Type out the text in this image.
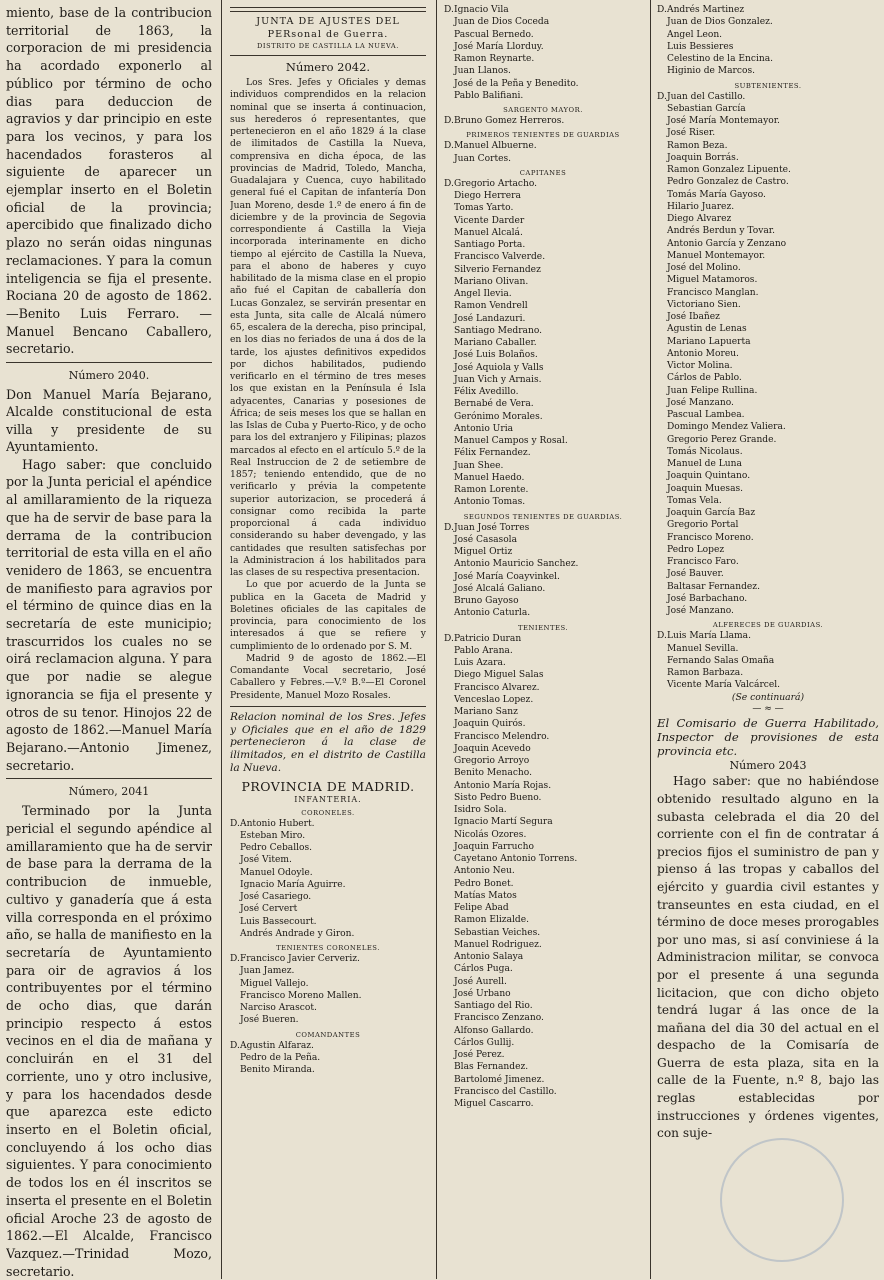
miento, base de la contribucion territorial de 1863, la corporacion de mi presidencia ha acordado exponerlo al público por término de ocho dias para deduccion de agravios y dar principio en este para los vecinos, y para los hacendados forasteros al siguiente de aparecer un ejemplar inserto en el Boletin oficial de la provincia; apercibido que finalizado dicho plazo no serán oidas ningunas reclamaciones. Y para la comun inteligencia se fija el presente. Rociana 20 de agosto de 1862.—Benito Luis Ferraro. —Manuel Bencano Caballero, secretario.

Número 2040.

Don Manuel María Bejarano, Alcalde constitucional de esta villa y presidente de su Ayuntamiento.

Hago saber: que concluido por la Junta pericial el apéndice al amillaramiento de la riqueza que ha de servir de base para la derrama de la contribucion territorial de esta villa en el año venidero de 1863, se encuentra de manifiesto para agravios por el término de quince dias en la secretaría de este municipio; trascurridos los cuales no se oirá reclamacion alguna. Y para que por nadie se alegue ignorancia se fija el presente y otros de su tenor. Hinojos 22 de agosto de 1862.—Manuel María Bejarano.—Antonio Jimenez, secretario.

Número, 2041

Terminado por la Junta pericial el segundo apéndice al amillaramiento que ha de servir de base para la derrama de la contribucion de inmueble, cultivo y ganadería que á esta villa corresponda en el próximo año, se halla de manifiesto en la secretaría de Ayuntamiento para oir de agravios á los contribuyentes por el término de ocho dias, que darán principio respecto á estos vecinos en el dia de mañana y concluirán en el 31 del corriente, uno y otro inclusive, y para los hacendados desde que aparezca este edicto inserto en el Boletin oficial, concluyendo á los ocho dias siguientes. Y para conocimiento de todos los en él inscritos se inserta el presente en el Boletin oficial Aroche 23 de agosto de 1862.—El Alcalde, Francisco Vazquez.—Trinidad Mozo, secretario.

JUNTA DE AJUSTES DEL PERsonal de Guerra.
DISTRITO DE CASTILLA LA NUEVA.
Número 2042.

Los Sres. Jefes y Oficiales y demas individuos comprendidos en la relacion nominal que se inserta á continuacion, sus herederos ó representantes, que pertenecieron en el año 1829 á la clase de ilimitados de Castilla la Nueva, comprensiva en dicha época, de las provincias de Madrid, Toledo, Mancha, Guadalajara y Cuenca, cuyo habilitado general fué el Capitan de infantería Don Juan Moreno, desde 1.º de enero á fin de diciembre y de la provincia de Segovia correspondiente á Castilla la Vieja incorporada interinamente en dicho tiempo al ejército de Castilla la Nueva, para el abono de haberes y cuyo habilitado de la misma clase en el propio año fué el Capitan de caballería don Lucas Gonzalez, se servirán presentar en esta Junta, sita calle de Alcalá número 65, escalera de la derecha, piso principal, en los dias no feriados de una á dos de la tarde, los ajustes definitivos expedidos por dichos habilitados, pudiendo verificarlo en el término de tres meses los que existan en la Península é Isla adyacentes, Canarias y posesiones de África; de seis meses los que se hallan en las Islas de Cuba y Puerto-Rico, y de ocho para los del extranjero y Filipinas; plazos marcados al efecto en el artículo 5.º de la Real Instruccion de 2 de setiembre de 1857; teniendo entendido, que de no verificarlo y prévia la competente superior autorizacion, se procederá á consignar como recibida la parte proporcional á cada individuo considerando su haber devengado, y las cantidades que resulten satisfechas por la Administracion á los habilitados para las clases de su respectiva presentacion.

Lo que por acuerdo de la Junta se publica en la Gaceta de Madrid y Boletines oficiales de las capitales de provincia, para conocimiento de los interesados á que se refiere y cumplimiento de lo ordenado por S. M.

Madrid 9 de agosto de 1862.—El Comandante Vocal secretario, José Caballero y Febres.—V.º B.º—El Coronel Presidente, Manuel Mozo Rosales.

Relacion nominal de los Sres. Jefes y Oficiales que en el año de 1829 pertenecieron á la clase de ilimitados, en el distrito de Castilla la Nueva.

PROVINCIA DE MADRID.
INFANTERIA.
CORONELES.
D.Antonio Hubert.
Esteban Miro.
Pedro Ceballos.
José Vitem.
Manuel Odoyle.
Ignacio María Aguirre.
José Casariego.
José Cervert
Luis Bassecourt.
Andrés Andrade y Giron.
TENIENTES CORONELES.
D.Francisco Javier Cerveriz.
Juan Jamez.
Miguel Vallejo.
Francisco Moreno Mallen.
Narciso Arascot.
José Bueren.
COMANDANTES
D.Agustin Alfaraz.
Pedro de la Peña.
Benito Miranda.
D.Ignacio Vila
Juan de Dios Coceda
Pascual Bernedo.
José María Llorduy.
Ramon Reynarte.
Juan Llanos.
José de la Peña y Benedito.
Pablo Balifiani.
SARGENTO MAYOR.
D.Bruno Gomez Herreros.
PRIMEROS TENIENTES DE GUARDIAS
D.Manuel Albuerne.
Juan Cortes.
CAPITANES
D.Gregorio Artacho.
Diego Herrera
Tomas Yarto.
Vicente Darder
Manuel Alcalá.
Santiago Porta.
Francisco Valverde.
Silverio Fernandez
Mariano Olivan.
Angel Ilevia.
Ramon Vendrell
José Landazuri.
Santiago Medrano.
Mariano Caballer.
José Luis Bolaños.
José Aquiola y Valls
Juan Vich y Arnais.
Félix Avedillo.
Bernabé de Vera.
Gerónimo Morales.
Antonio Uria
Manuel Campos y Rosal.
Félix Fernandez.
Juan Shee.
Manuel Haedo.
Ramon Lorente.
Antonio Tomas.
SEGUNDOS TENIENTES DE GUARDIAS.
D.Juan José Torres
José Casasola
Miguel Ortiz
Antonio Mauricio Sanchez.
José María Coayvinkel.
José Alcalá Galiano.
Bruno Gayoso
Antonio Caturla.
TENIENTES.
D.Patricio Duran
Pablo Arana.
Luis Azara.
Diego Miguel Salas
Francisco Alvarez.
Venceslao Lopez.
Mariano Sanz
Joaquin Quirós.
Francisco Melendro.
Joaquin Acevedo
Gregorio Arroyo
Benito Menacho.
Antonio María Rojas.
Sisto Pedro Bueno.
Isidro Sola.
Ignacio Martí Segura
Nicolás Ozores.
Joaquin Farrucho
Cayetano Antonio Torrens.
Antonio Neu.
Pedro Bonet.
Matías Matos
Felipe Abad
Ramon Elizalde.
Sebastian Veiches.
Manuel Rodriguez.
Antonio Salaya
Cárlos Puga.
José Aurell.
José Urbano
Santiago del Rio.
Francisco Zenzano.
Alfonso Gallardo.
Cárlos Gullij.
José Perez.
Blas Fernandez.
Bartolomé Jimenez.
Francisco del Castillo.
Miguel Cascarro.
D.Andrés Martinez
Juan de Dios Gonzalez.
Angel Leon.
Luis Bessieres
Celestino de la Encina.
Higinio de Marcos.
SUBTENIENTES.
D.Juan del Castillo.
Sebastian García
José María Montemayor.
José Riser.
Ramon Beza.
Joaquin Borrás.
Ramon Gonzalez Lipuente.
Pedro Gonzalez de Castro.
Tomás María Gayoso.
Hilario Juarez.
Diego Alvarez
Andrés Berdun y Tovar.
Antonio García y Zenzano
Manuel Montemayor.
José del Molino.
Miguel Matamoros.
Francisco Manglan.
Victoriano Sien.
José Ibañez
Agustin de Lenas
Mariano Lapuerta
Antonio Moreu.
Victor Molina.
Cárlos de Pablo.
Juan Felipe Rullina.
José Manzano.
Pascual Lambea.
Domingo Mendez Valiera.
Gregorio Perez Grande.
Tomás Nicolaus.
Manuel de Luna
Joaquin Quintano.
Joaquin Muesas.
Tomas Vela.
Joaquin García Baz
Gregorio Portal
Francisco Moreno.
Pedro Lopez
Francisco Faro.
José Bauver.
Baltasar Fernandez.
José Barbachano.
José Manzano.
ALFERECES DE GUARDIAS.
D.Luis María Llama.
Manuel Sevilla.
Fernando Salas Omaña
Ramon Barbaza.
Vicente María Valcárcel.
(Se continuará)
— ≈ —

El Comisario de Guerra Habilitado, Inspector de provisiones de esta provincia etc.

Número 2043

Hago saber: que no habiéndose obtenido resultado alguno en la subasta celebrada el dia 20 del corriente con el fin de contratar á precios fijos el suministro de pan y pienso á las tropas y caballos del ejército y guardia civil estantes y transeuntes en esta ciudad, en el término de doce meses prorogables por uno mas, si así conviniese á la Administracion militar, se convoca por el presente á una segunda licitacion, que con dicho objeto tendrá lugar á las once de la mañana del dia 30 del actual en el despacho de la Comisaría de Guerra de esta plaza, sita en la calle de la Fuente, n.º 8, bajo las reglas establecidas por instrucciones y órdenes vigentes, con suje-
